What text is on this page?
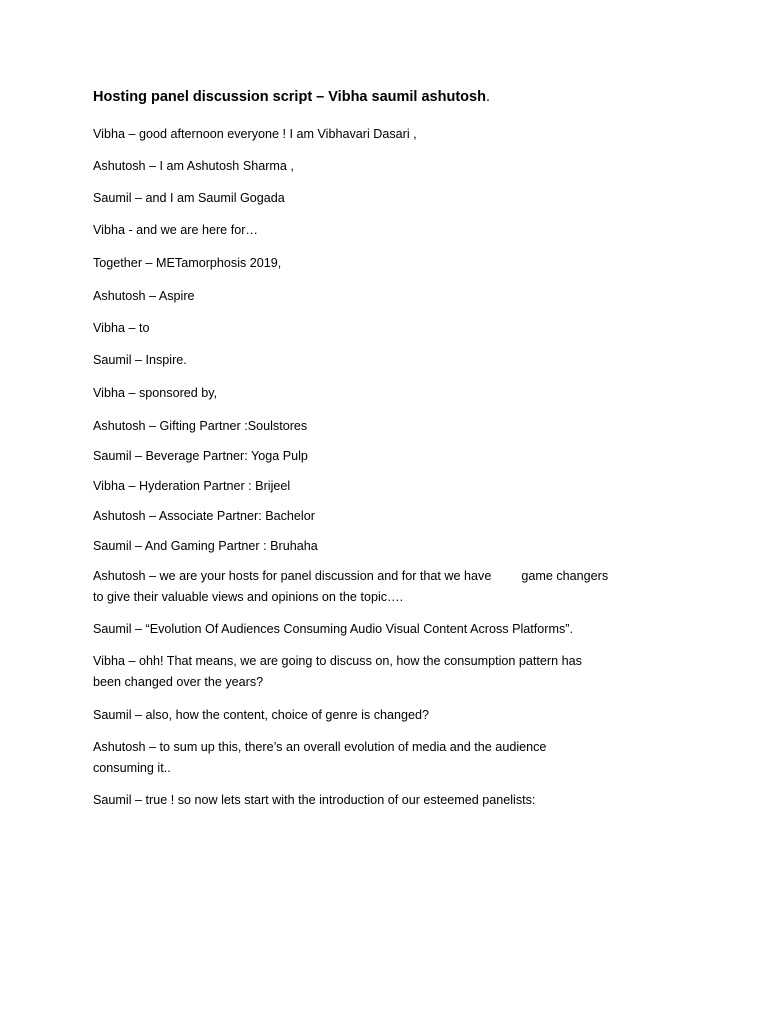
Hosting panel discussion script – Vibha saumil ashutosh.

Vibha – good afternoon everyone ! I am Vibhavari Dasari ,

Ashutosh – I am Ashutosh Sharma ,

Saumil – and I am Saumil Gogada

Vibha - and we are here for…

Together – METamorphosis 2019,

Ashutosh – Aspire

Vibha – to

Saumil – Inspire.

Vibha – sponsored by,

Ashutosh – Gifting Partner :Soulstores

Saumil – Beverage Partner: Yoga Pulp

Vibha – Hyderation Partner : Brijeel

Ashutosh – Associate Partner: Bachelor

Saumil – And Gaming Partner : Bruhaha

Ashutosh – we are your hosts for panel discussion and for that we have game changers
to give their valuable views and opinions on the topic….

Saumil – “Evolution Of Audiences Consuming Audio Visual Content Across Platforms”.

Vibha – ohh! That means, we are going to discuss on, how the consumption pattern has
been changed over the years?

Saumil – also, how the content, choice of genre is changed?

Ashutosh – to sum up this, there’s an overall evolution of media and the audience
consuming it..

Saumil – true ! so now lets start with the introduction of our esteemed panelists:
